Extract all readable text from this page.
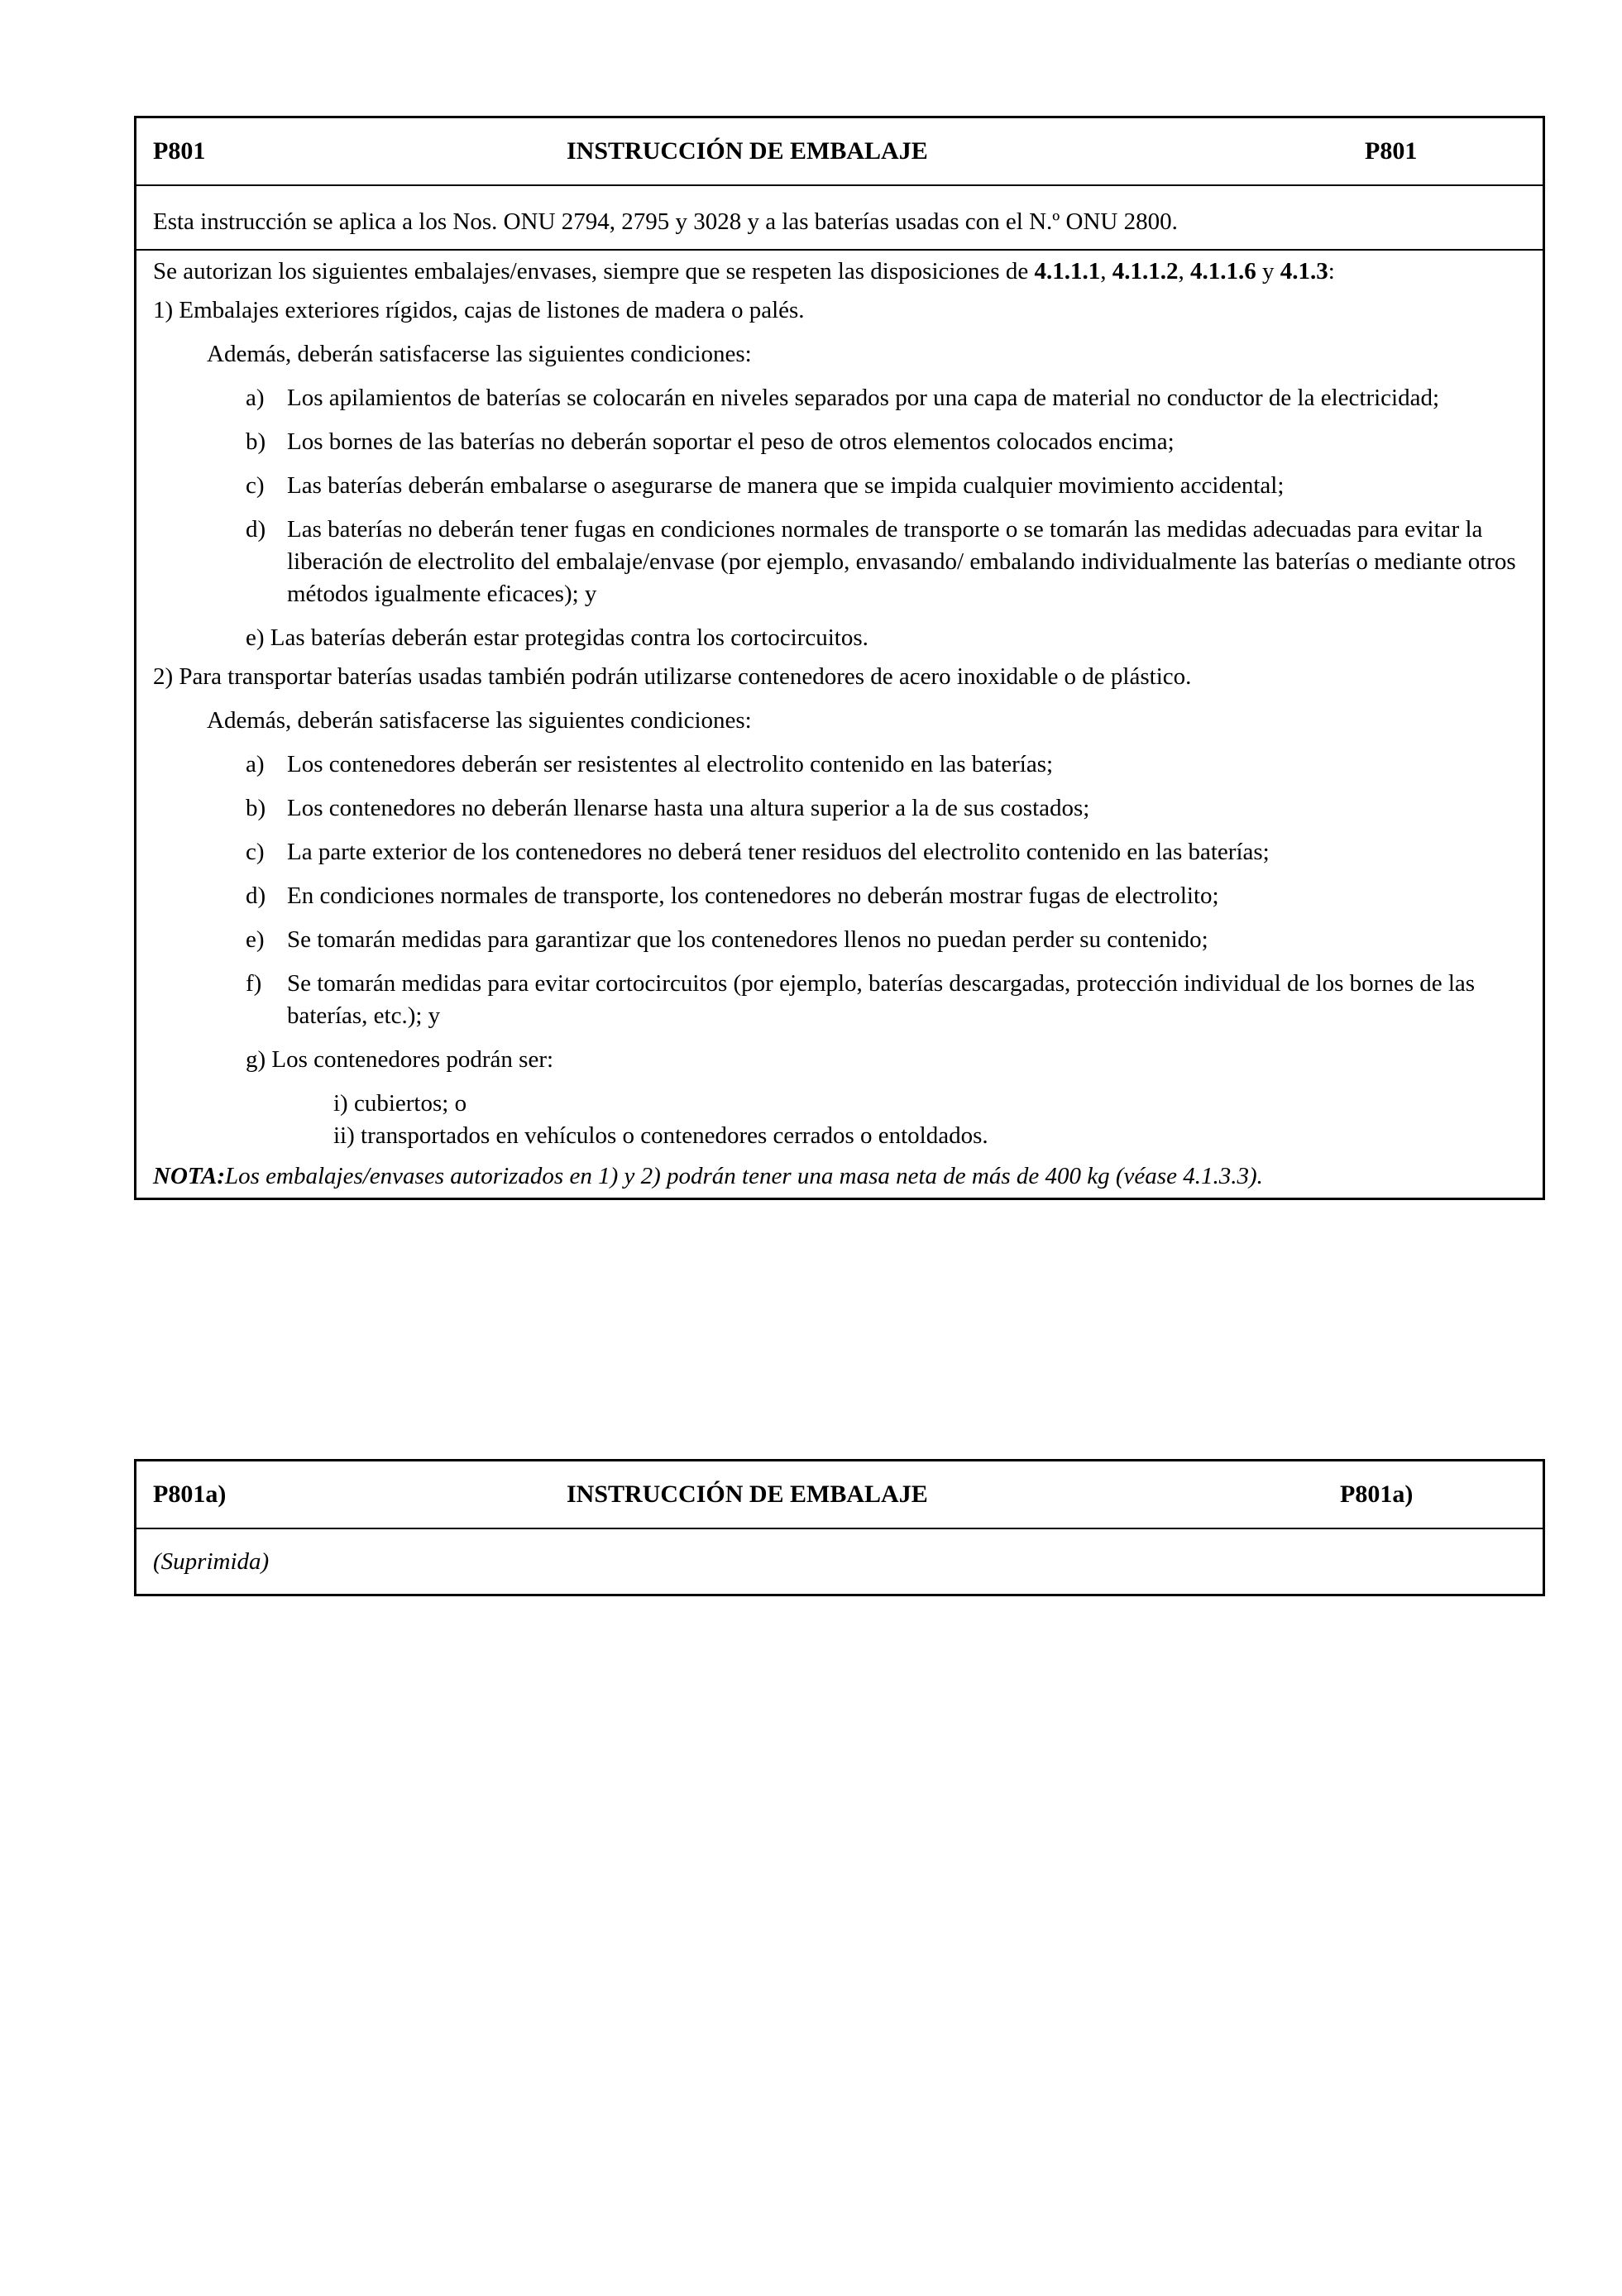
P801	INSTRUCCIÓN DE EMBALAJE	P801

Esta instrucción se aplica a los Nos. ONU 2794, 2795 y 3028 y a las baterías usadas con el N.º ONU 2800.

Se autorizan los siguientes embalajes/envases, siempre que se respeten las disposiciones de 4.1.1.1, 4.1.1.2, 4.1.1.6 y 4.1.3:

1) Embalajes exteriores rígidos, cajas de listones de madera o palés.

Además, deberán satisfacerse las siguientes condiciones:

a) Los apilamientos de baterías se colocarán en niveles separados por una capa de material no conductor de la electricidad;
b) Los bornes de las baterías no deberán soportar el peso de otros elementos colocados encima;
c) Las baterías deberán embalarse o asegurarse de manera que se impida cualquier movimiento accidental;
d) Las baterías no deberán tener fugas en condiciones normales de transporte o se tomarán las medidas adecuadas para evitar la liberación de electrolito del embalaje/envase (por ejemplo, envasando/ embalando individualmente las baterías o mediante otros métodos igualmente eficaces); y

e) Las baterías deberán estar protegidas contra los cortocircuitos.

2) Para transportar baterías usadas también podrán utilizarse contenedores de acero inoxidable o de plástico.

Además, deberán satisfacerse las siguientes condiciones:

a) Los contenedores deberán ser resistentes al electrolito contenido en las baterías;
b) Los contenedores no deberán llenarse hasta una altura superior a la de sus costados;
c) La parte exterior de los contenedores no deberá tener residuos del electrolito contenido en las baterías;
d) En condiciones normales de transporte, los contenedores no deberán mostrar fugas de electrolito;
e) Se tomarán medidas para garantizar que los contenedores llenos no puedan perder su contenido;
f)	Se tomarán medidas para evitar cortocircuitos (por ejemplo, baterías descargadas, protección individual de los bornes de las baterías, etc.); y

g) Los contenedores podrán ser:

i) cubiertos; o
ii) transportados en vehículos o contenedores cerrados o entoldados.

NOTA:Los embalajes/envases autorizados en 1) y 2) podrán tener una masa neta de más de 400 kg (véase 4.1.3.3).

P801a)	INSTRUCCIÓN DE EMBALAJE	P801a)

(Suprimida)
